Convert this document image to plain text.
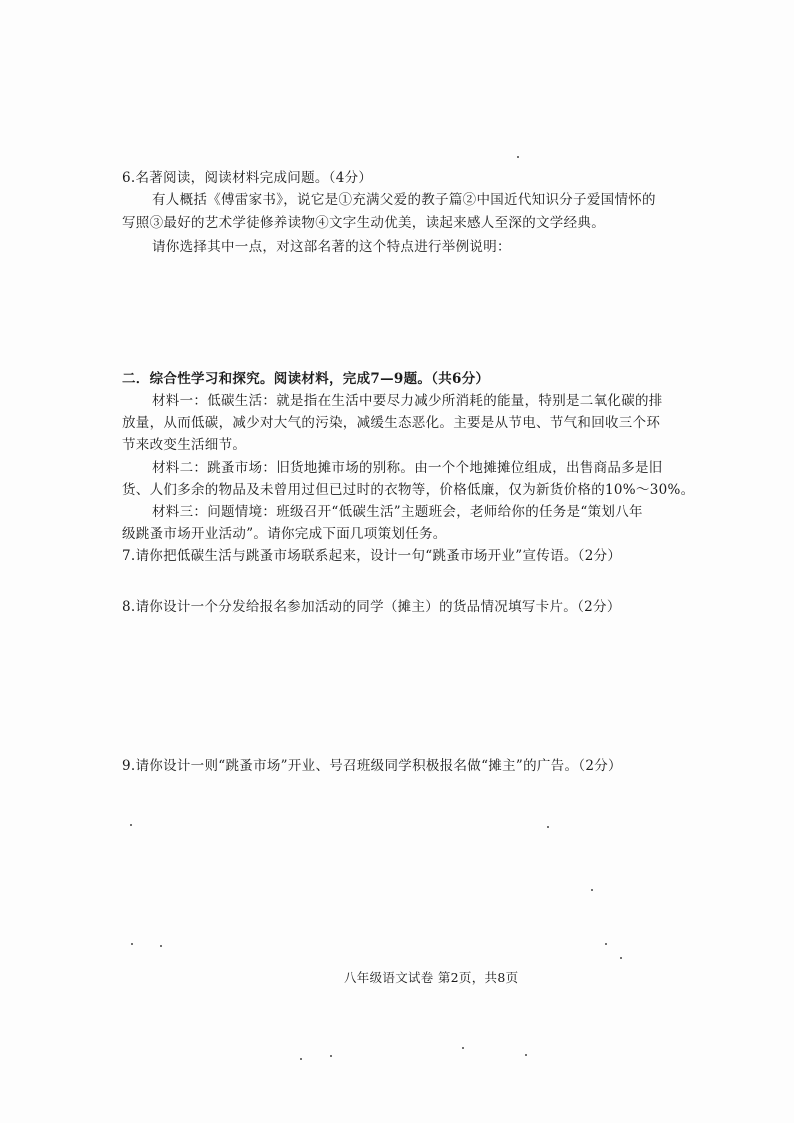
6.名著阅读，阅读材料完成问题。（4分）
有人概括《傅雷家书》，说它是①充满父爱的教子篇②中国近代知识分子爱国情怀的
写照③最好的艺术学徒修养读物④文字生动优美，读起来感人至深的文学经典。
请你选择其中一点，对这部名著的这个特点进行举例说明：
二．综合性学习和探究。阅读材料，完成7—9题。（共6分）
材料一：低碳生活：就是指在生活中要尽力减少所消耗的能量，特别是二氧化碳的排
放量，从而低碳，减少对大气的污染，减缓生态恶化。主要是从节电、节气和回收三个环
节来改变生活细节。
材料二：跳蚤市场：旧货地摊市场的别称。由一个个地摊摊位组成，出售商品多是旧
货、人们多余的物品及未曾用过但已过时的衣物等，价格低廉，仅为新货价格的10%～30%。
材料三：问题情境：班级召开“低碳生活”主题班会，老师给你的任务是“策划八年
级跳蚤市场开业活动”。请你完成下面几项策划任务。
7.请你把低碳生活与跳蚤市场联系起来，设计一句“跳蚤市场开业”宣传语。（2分）
8.请你设计一个分发给报名参加活动的同学（摊主）的货品情况填写卡片。（2分）
9.请你设计一则“跳蚤市场”开业、号召班级同学积极报名做“摊主”的广告。（2分）
八年级语文试卷 第2页，共8页
